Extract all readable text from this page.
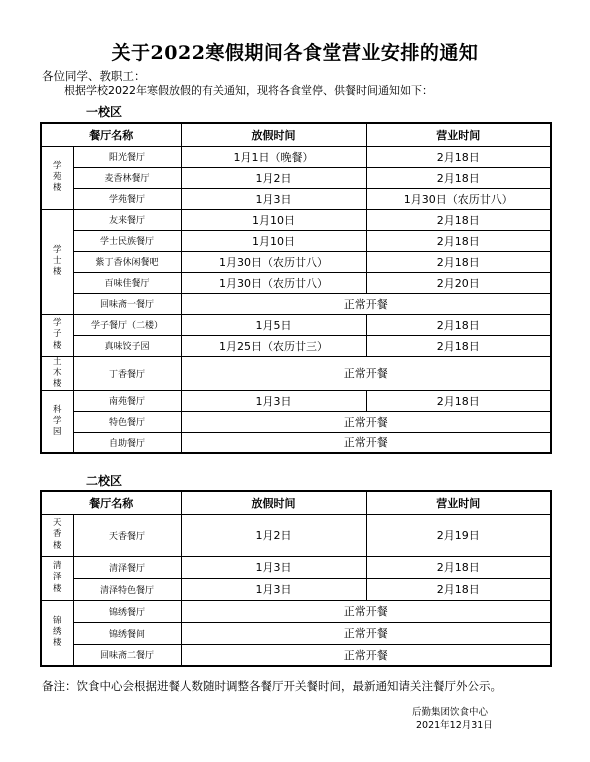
关于2022寒假期间各食堂营业安排的通知
各位同学、教职工：
根据学校2022年寒假放假的有关通知，现将各食堂停、供餐时间通知如下：
一校区
餐厅名称		放假时间	营业时间

学苑楼	阳光餐厅	1月1日（晚餐）	2月18日
	麦香林餐厅	1月2日	2月18日
	学苑餐厅	1月3日	1月30日（农历廿八）

学士楼	友来餐厅	1月10日	2月18日
	学士民族餐厅	1月10日	2月18日
	紫丁香休闲餐吧	1月30日（农历廿八）	2月18日
	百味佳餐厅	1月30日（农历廿八）	2月20日
	回味斋一餐厅	正常开餐	

学子楼	学子餐厅（二楼）	1月5日	2月18日
	真味饺子园	1月25日（农历廿三）	2月18日

土木楼	丁香餐厅	正常开餐	

科学园	南苑餐厅	1月3日	2月18日
	特色餐厅	正常开餐	
	自助餐厅	正常开餐	
二校区
餐厅名称		放假时间	营业时间

天香楼	天香餐厅	1月2日	2月19日

清泽楼	清泽餐厅	1月3日	2月18日
	清泽特色餐厅	1月3日	2月18日

锦绣楼	锦绣餐厅	正常开餐	
	锦绣餐间	正常开餐	
	回味斋二餐厅	正常开餐	
备注：饮食中心会根据进餐人数随时调整各餐厅开关餐时间，最新通知请关注餐厅外公示。
后勤集团饮食中心
2021年12月31日
